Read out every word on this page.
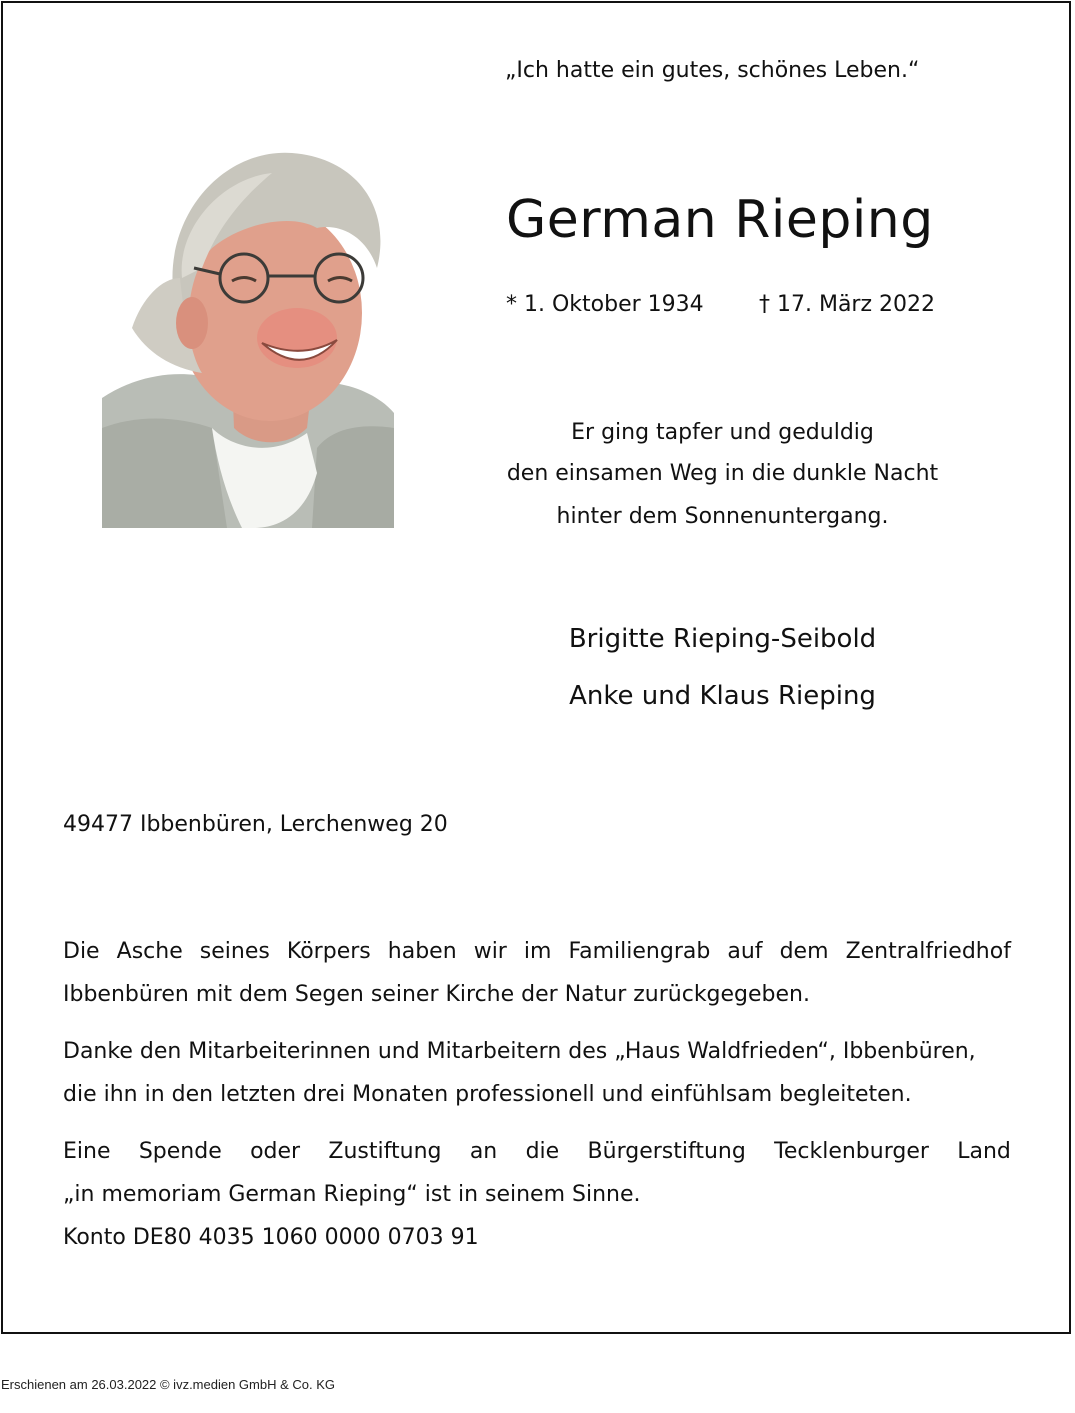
„Ich hatte ein gutes, schönes Leben.“
German Rieping
* 1. Oktober 1934	† 17. März 2022
Er ging tapfer und geduldig
den einsamen Weg in die dunkle Nacht
hinter dem Sonnenuntergang.
Brigitte Rieping-Seibold
Anke und Klaus Rieping
49477 Ibbenbüren, Lerchenweg 20

Die Asche seines Körpers haben wir im Familiengrab auf dem Zentralfriedhof

Ibbenbüren mit dem Segen seiner Kirche der Natur zurückgegeben.

Danke den Mitarbeiterinnen und Mitarbeitern des „Haus Waldfrieden“, Ibbenbüren,

die ihn in den letzten drei Monaten professionell und einfühlsam begleiteten.

Eine Spende oder Zustiftung an die Bürgerstiftung Tecklenburger Land

„in memoriam German Rieping“ ist in seinem Sinne.

Konto DE80 4035 1060 0000 0703 91

Erschienen am 26.03.2022 © ivz.medien GmbH & Co. KG
